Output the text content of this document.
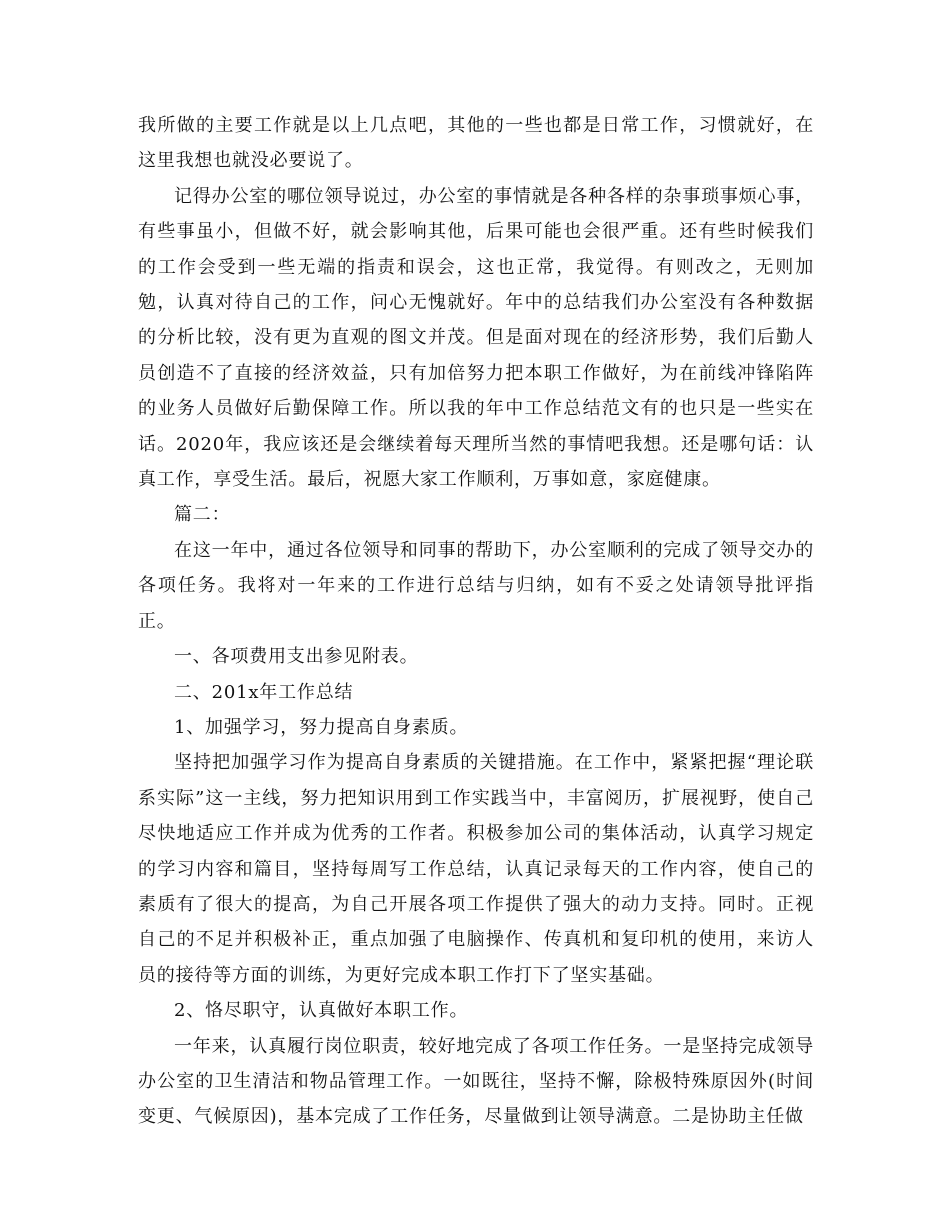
我所做的主要工作就是以上几点吧，其他的一些也都是日常工作，习惯就好，在这里我想也就没必要说了。

记得办公室的哪位领导说过，办公室的事情就是各种各样的杂事琐事烦心事，有些事虽小，但做不好，就会影响其他，后果可能也会很严重。还有些时候我们的工作会受到一些无端的指责和误会，这也正常，我觉得。有则改之，无则加勉，认真对待自己的工作，问心无愧就好。年中的总结我们办公室没有各种数据的分析比较，没有更为直观的图文并茂。但是面对现在的经济形势，我们后勤人员创造不了直接的经济效益，只有加倍努力把本职工作做好，为在前线冲锋陷阵的业务人员做好后勤保障工作。所以我的年中工作总结范文有的也只是一些实在话。2020年，我应该还是会继续着每天理所当然的事情吧我想。还是哪句话：认真工作，享受生活。最后，祝愿大家工作顺利，万事如意，家庭健康。

篇二：

在这一年中，通过各位领导和同事的帮助下，办公室顺利的完成了领导交办的各项任务。我将对一年来的工作进行总结与归纳，如有不妥之处请领导批评指正。

一、各项费用支出参见附表。

二、201x年工作总结

1、加强学习，努力提高自身素质。

坚持把加强学习作为提高自身素质的关键措施。在工作中，紧紧把握“理论联系实际”这一主线，努力把知识用到工作实践当中，丰富阅历，扩展视野，使自己尽快地适应工作并成为优秀的工作者。积极参加公司的集体活动，认真学习规定的学习内容和篇目，坚持每周写工作总结，认真记录每天的工作内容，使自己的素质有了很大的提高，为自己开展各项工作提供了强大的动力支持。同时。正视自己的不足并积极补正，重点加强了电脑操作、传真机和复印机的使用，来访人员的接待等方面的训练，为更好完成本职工作打下了坚实基础。

2、恪尽职守，认真做好本职工作。

一年来，认真履行岗位职责，较好地完成了各项工作任务。一是坚持完成领导办公室的卫生清洁和物品管理工作。一如既往，坚持不懈，除极特殊原因外(时间变更、气候原因)，基本完成了工作任务，尽量做到让领导满意。二是协助主任做
